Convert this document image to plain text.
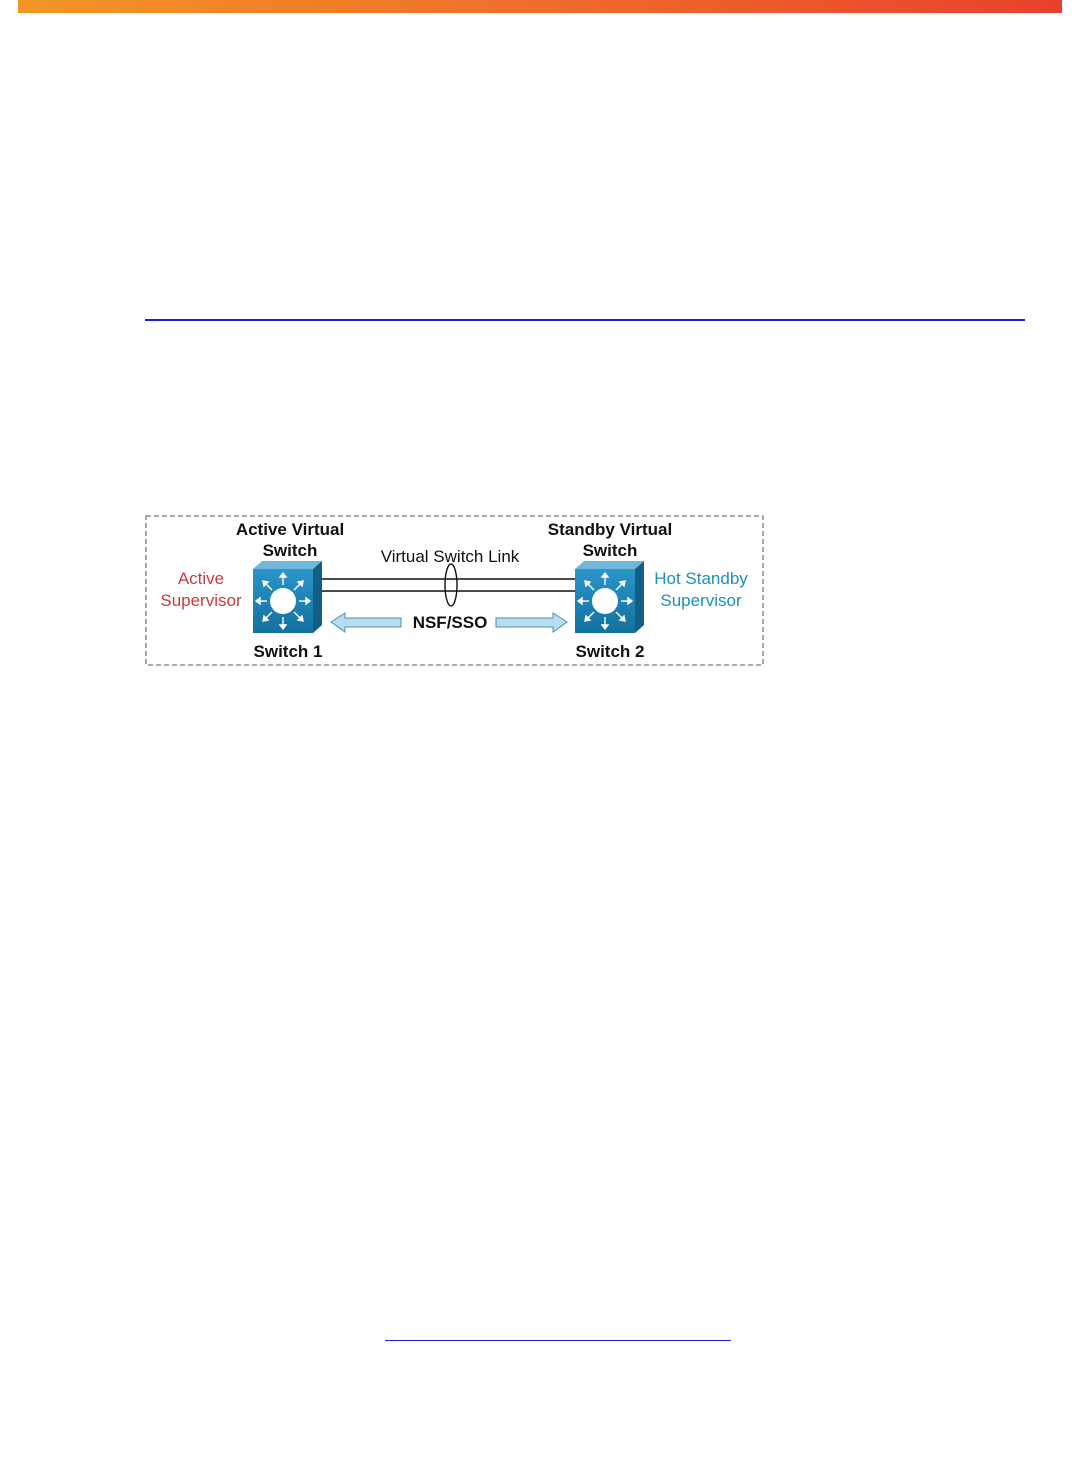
Active Virtual
Switch
Standby Virtual
Switch
Virtual Switch Link
Active
Supervisor
Hot Standby
Supervisor
NSF/SSO
Switch 1	Switch 2
